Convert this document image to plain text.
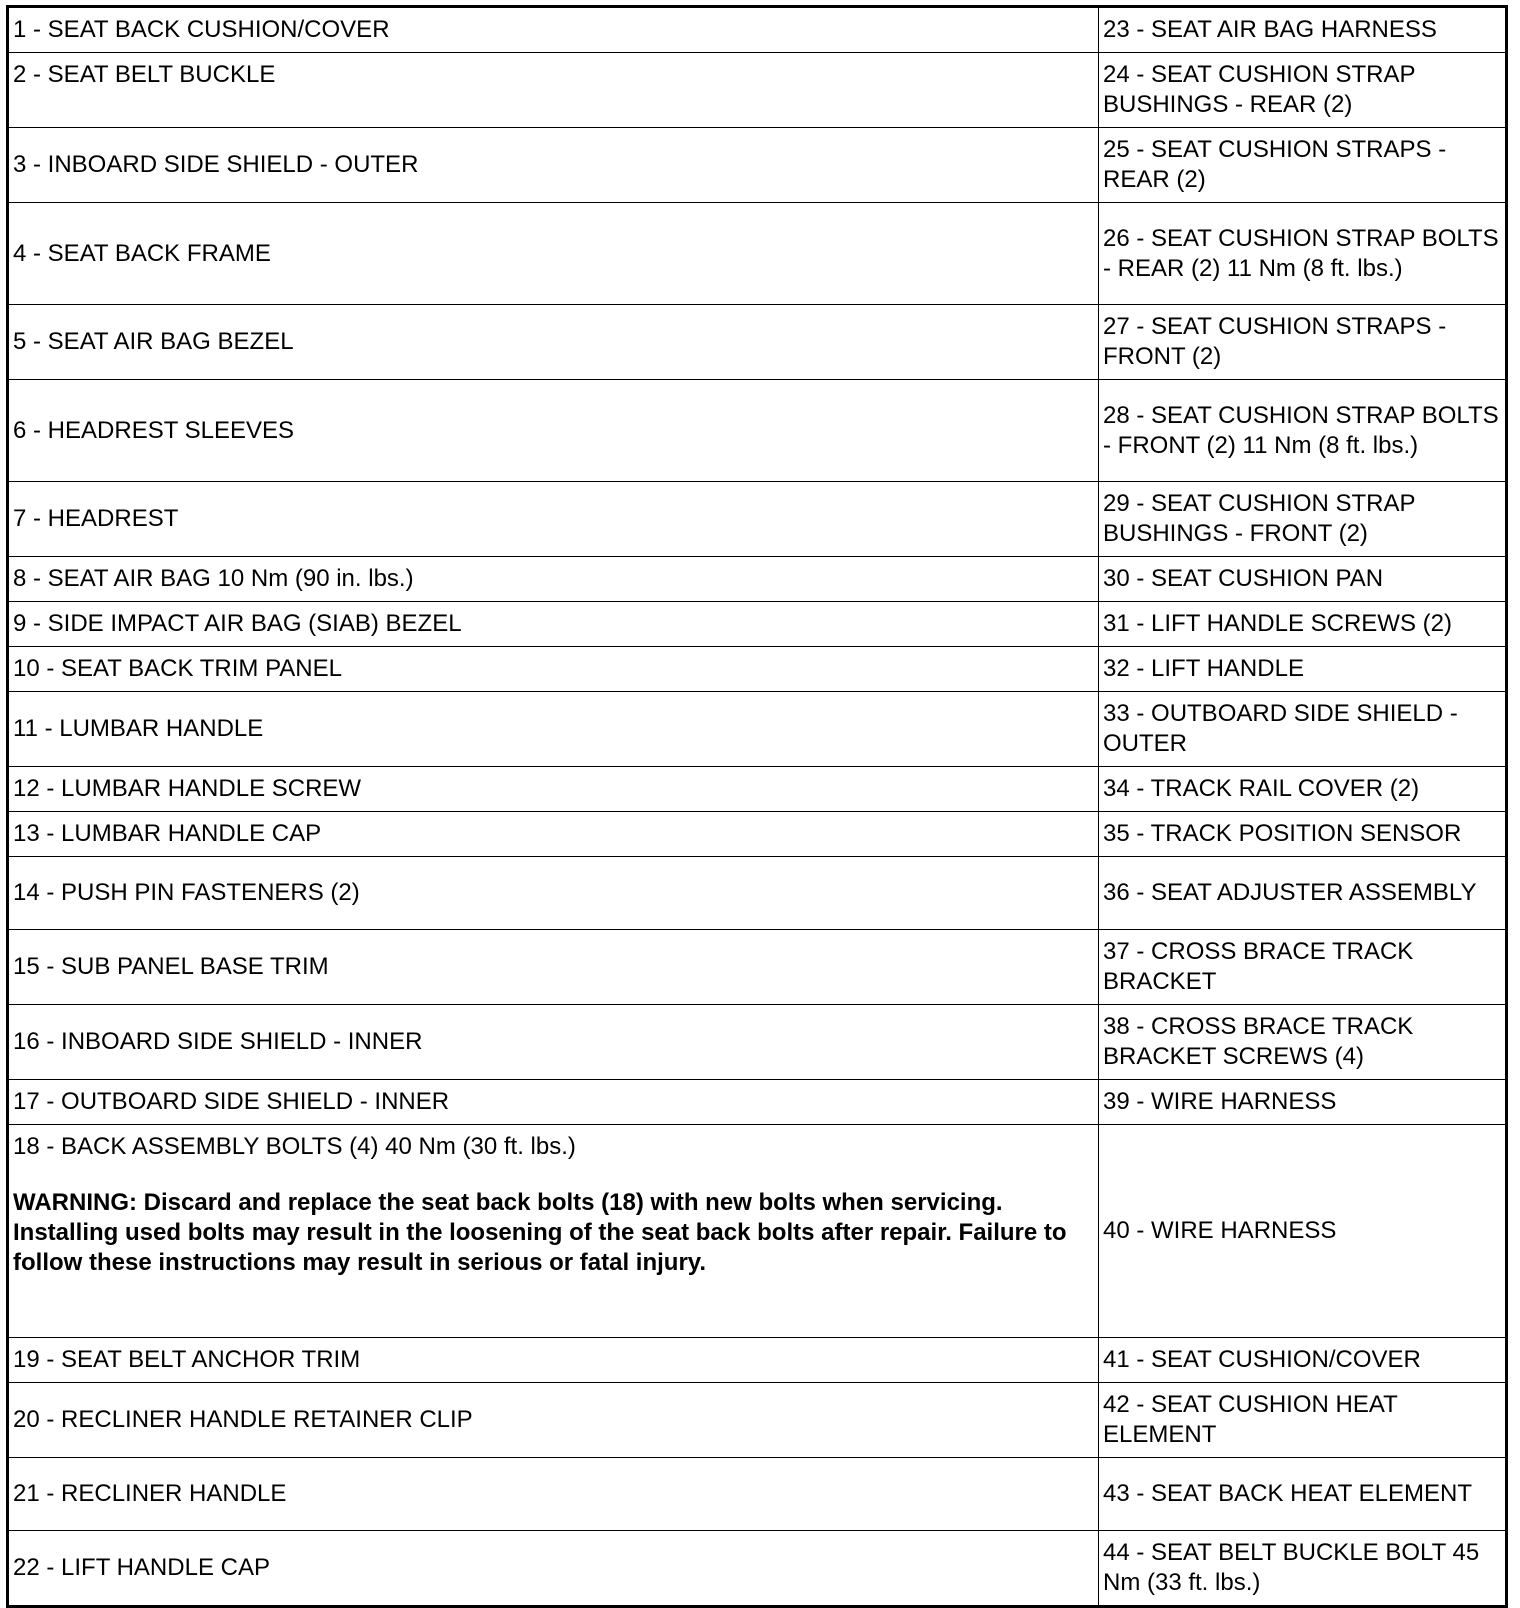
1 - SEAT BACK CUSHION/COVER	23 - SEAT AIR BAG HARNESS
2 - SEAT BELT BUCKLE	24 - SEAT CUSHION STRAP BUSHINGS - REAR (2)
3 - INBOARD SIDE SHIELD - OUTER	25 - SEAT CUSHION STRAPS - REAR (2)
4 - SEAT BACK FRAME	26 - SEAT CUSHION STRAP BOLTS - REAR (2) 11 Nm (8 ft. lbs.)
5 - SEAT AIR BAG BEZEL	27 - SEAT CUSHION STRAPS - FRONT (2)
6 - HEADREST SLEEVES	28 - SEAT CUSHION STRAP BOLTS - FRONT (2) 11 Nm (8 ft. lbs.)
7 - HEADREST	29 - SEAT CUSHION STRAP BUSHINGS - FRONT (2)
8 - SEAT AIR BAG 10 Nm (90 in. lbs.)	30 - SEAT CUSHION PAN
9 - SIDE IMPACT AIR BAG (SIAB) BEZEL	31 - LIFT HANDLE SCREWS (2)
10 - SEAT BACK TRIM PANEL	32 - LIFT HANDLE
11 - LUMBAR HANDLE	33 - OUTBOARD SIDE SHIELD - OUTER
12 - LUMBAR HANDLE SCREW	34 - TRACK RAIL COVER (2)
13 - LUMBAR HANDLE CAP	35 - TRACK POSITION SENSOR
14 - PUSH PIN FASTENERS (2)	36 - SEAT ADJUSTER ASSEMBLY
15 - SUB PANEL BASE TRIM	37 - CROSS BRACE TRACK BRACKET
16 - INBOARD SIDE SHIELD - INNER	38 - CROSS BRACE TRACK BRACKET SCREWS (4)
17 - OUTBOARD SIDE SHIELD - INNER	39 - WIRE HARNESS
18 - BACK ASSEMBLY BOLTS (4) 40 Nm (30 ft. lbs.)
WARNING: Discard and replace the seat back bolts (18) with new bolts when servicing. Installing used bolts may result in the loosening of the seat back bolts after repair. Failure to follow these instructions may result in serious or fatal injury.	40 - WIRE HARNESS
19 - SEAT BELT ANCHOR TRIM	41 - SEAT CUSHION/COVER
20 - RECLINER HANDLE RETAINER CLIP	42 - SEAT CUSHION HEAT ELEMENT
21 - RECLINER HANDLE	43 - SEAT BACK HEAT ELEMENT
22 - LIFT HANDLE CAP	44 - SEAT BELT BUCKLE BOLT 45 Nm (33 ft. lbs.)
